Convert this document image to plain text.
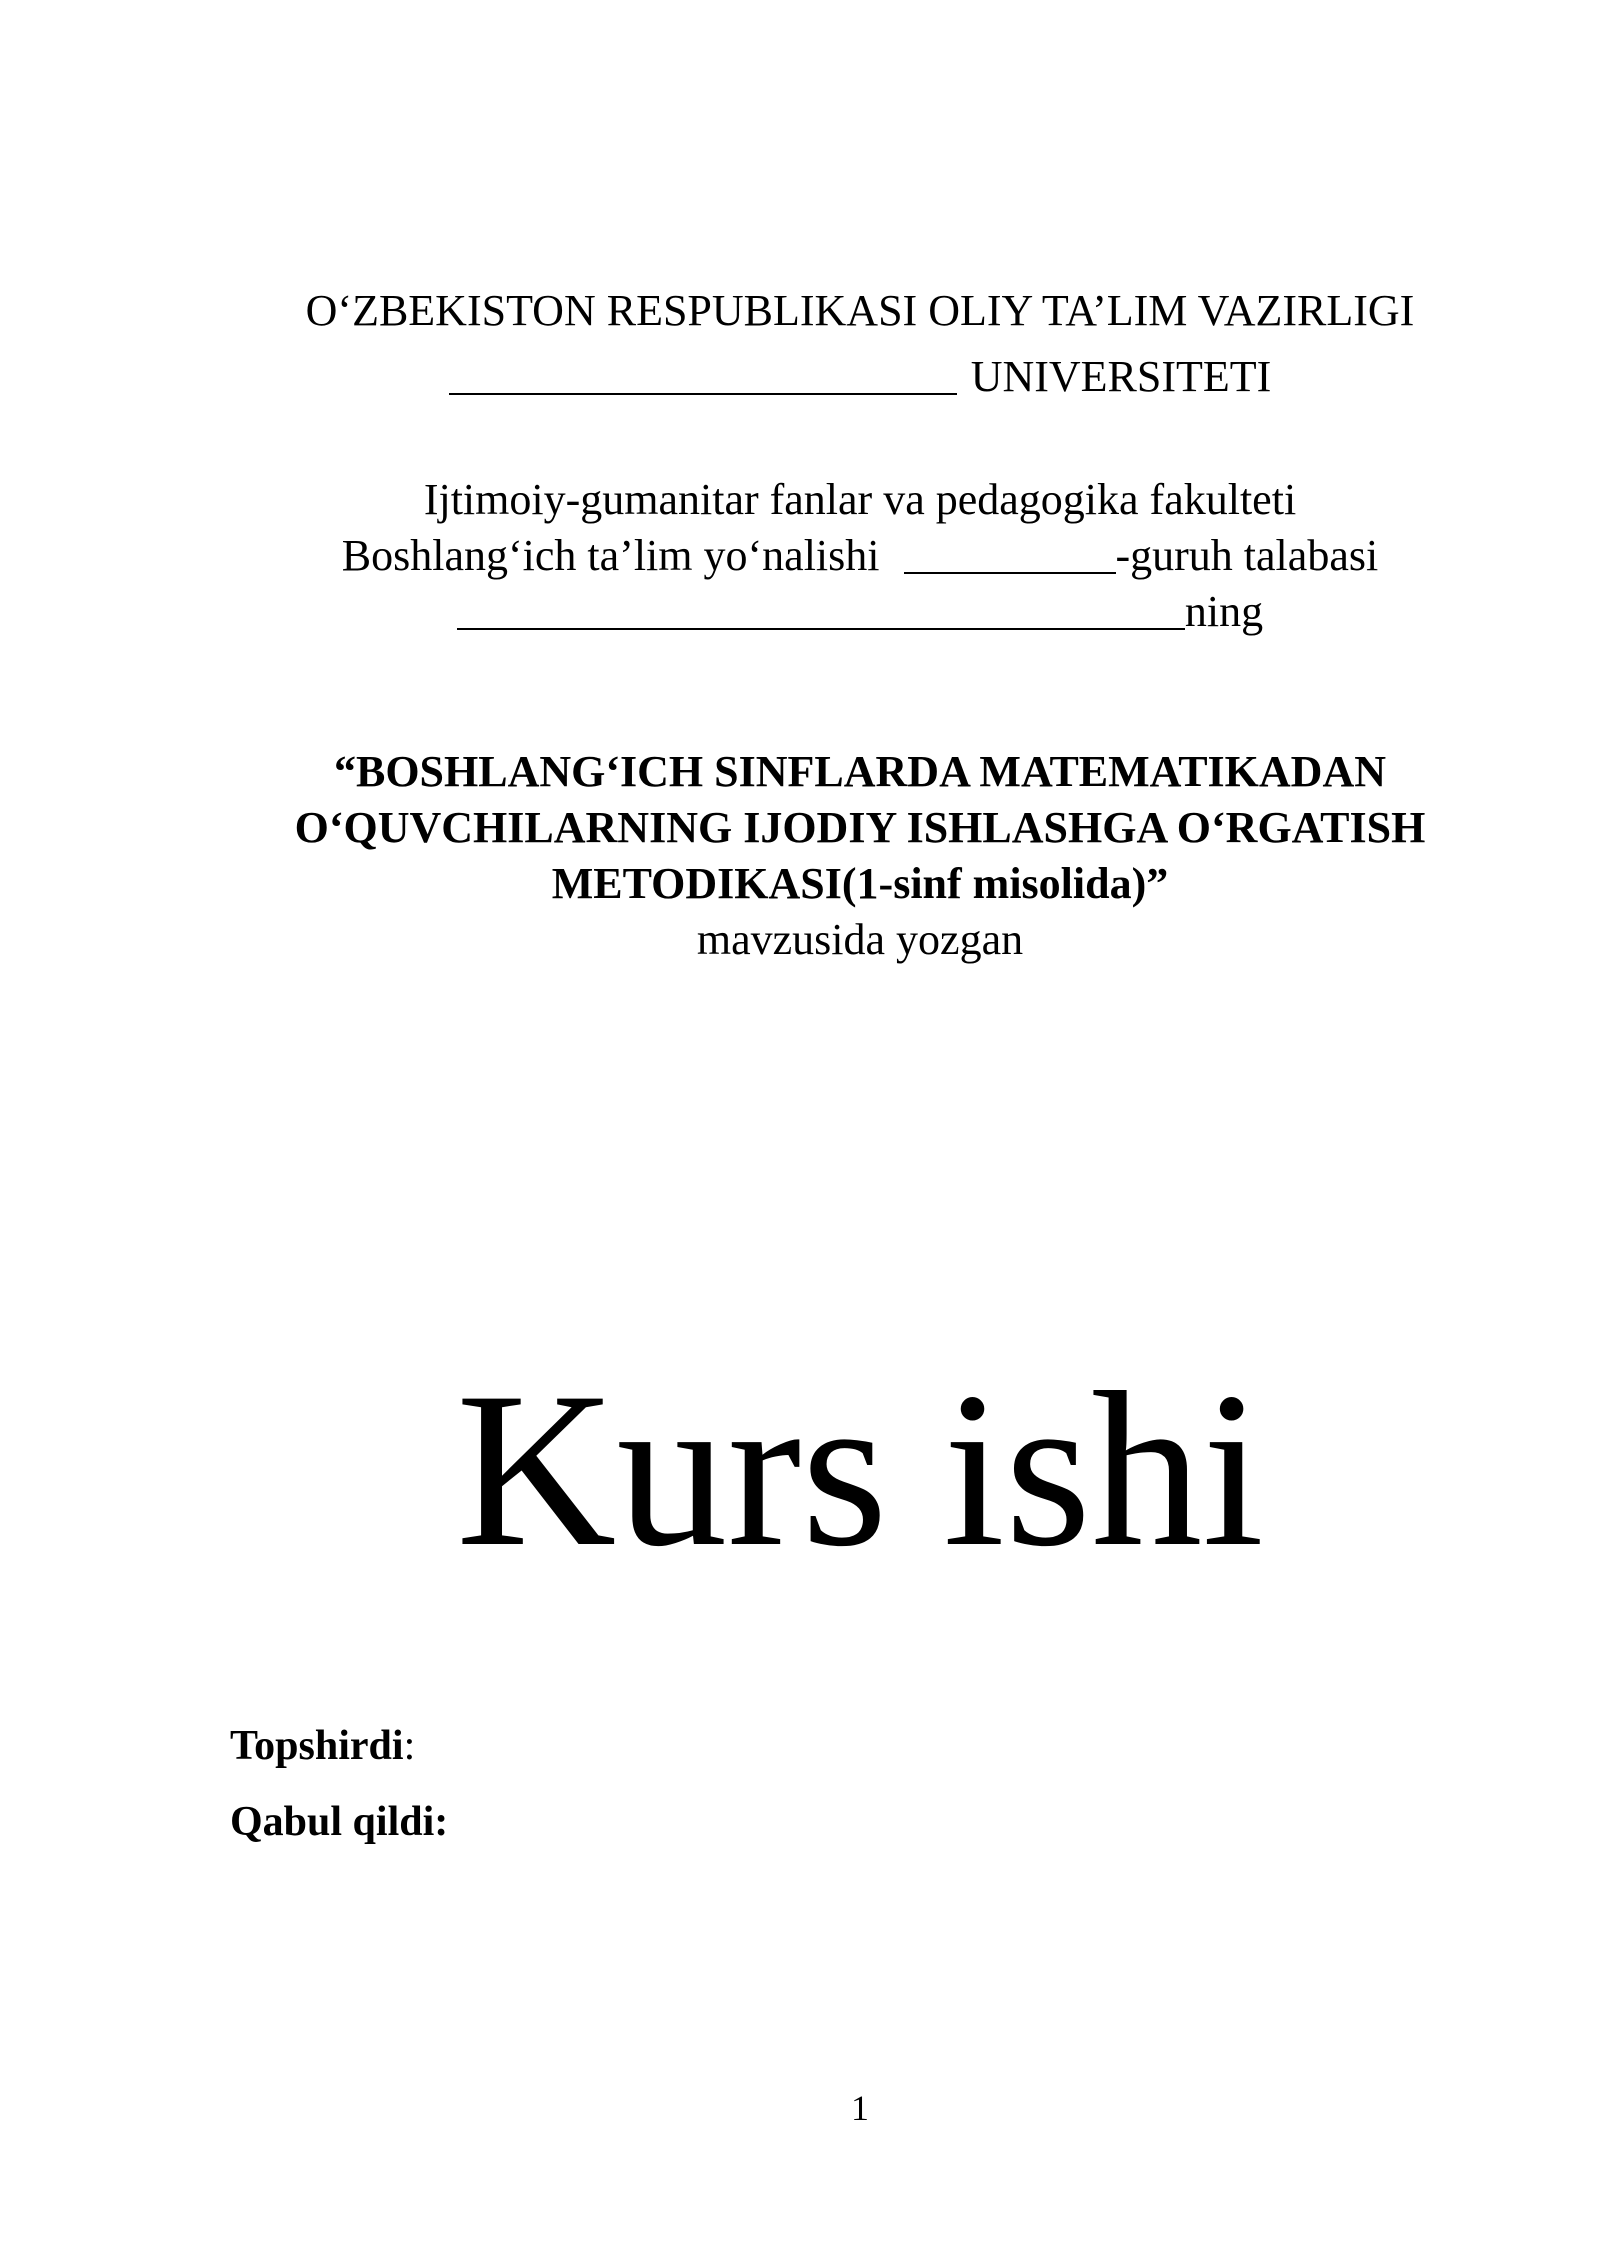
O‘ZBEKISTON RESPUBLIKASI OLIY TA’LIM VAZIRLIGI
UNIVERSITETI
Ijtimoiy-gumanitar fanlar va pedagogika fakulteti
Boshlang‘ich ta’lim yo‘nalishi	-guruh talabasi
ning
“BOSHLANG‘ICH SINFLARDA MATEMATIKADAN
O‘QUVCHILARNING IJODIY ISHLASHGA O‘RGATISH
METODIKASI(1-sinf misolida)”
mavzusida yozgan
Kurs ishi
Topshirdi:
Qabul qildi:
1
